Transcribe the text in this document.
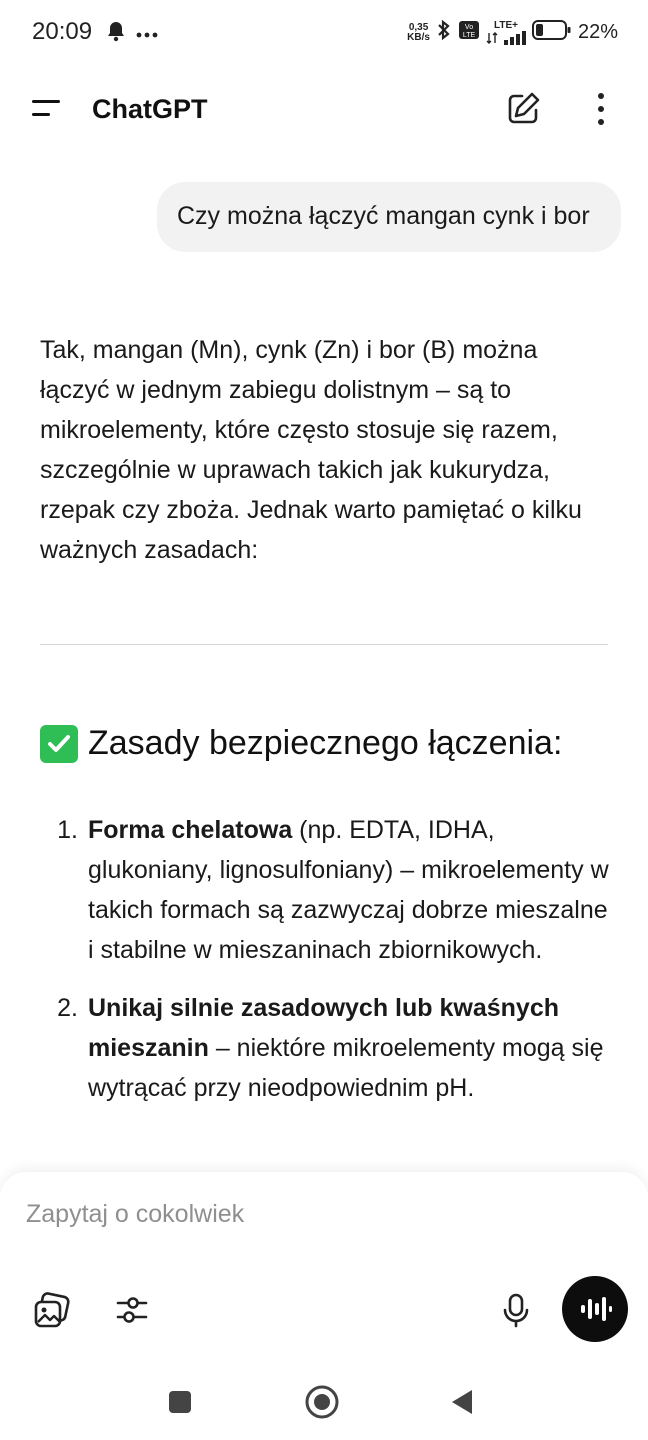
20:09	0,35
KB/s
Vo
LTE
LTE+	22%
ChatGPT
Czy można łączyć mangan cynk i bor

Tak, mangan (Mn), cynk (Zn) i bor (B) można łączyć w jednym zabiegu dolistnym – są to mikroelementy, które często stosuje się razem, szczególnie w uprawach takich jak kukurydza, rzepak czy zboża. Jednak warto pamiętać o kilku ważnych zasadach:

Zasady bezpiecznego łączenia:
1. Forma chelatowa (np. EDTA, IDHA, glukoniany, lignosulfoniany) – mikroelementy w takich formach są zazwyczaj dobrze mieszalne i stabilne w mieszaninach zbiornikowych.
2. Unikaj silnie zasadowych lub kwaśnych mieszanin – niektóre mikroelementy mogą się wytrącać przy nieodpowiednim pH.
Zapytaj o cokolwiek
